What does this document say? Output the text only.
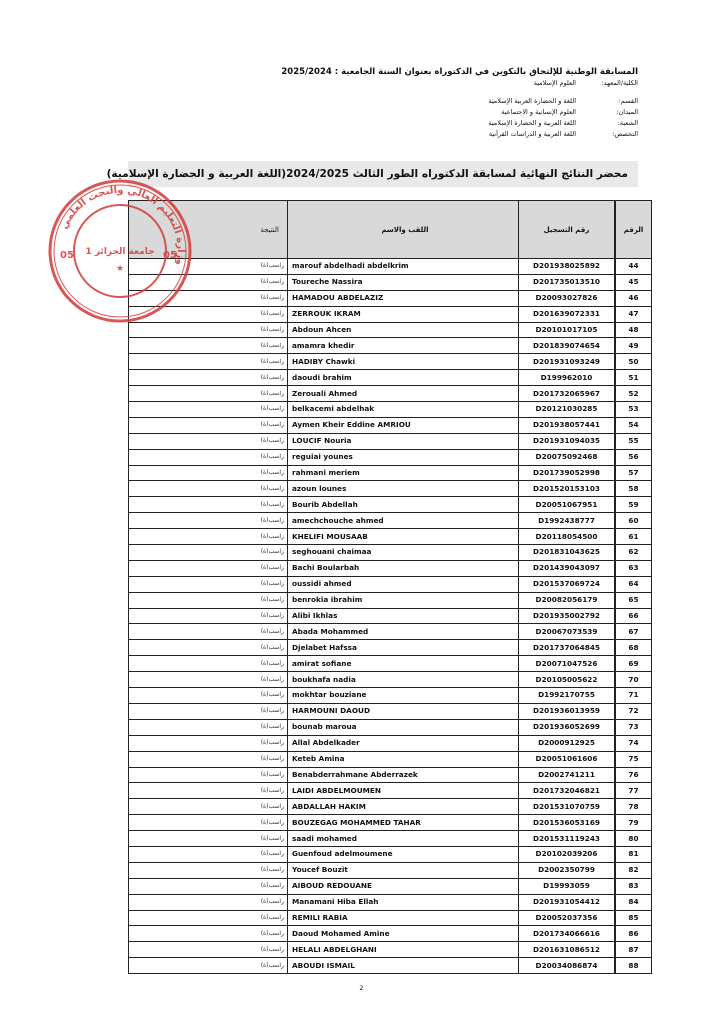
المسابقة الوطنية للإلتحاق بالتكوين في الدكتوراه بعنوان السنة الجامعية : 2025/2024
الكلية/المعهد:
العلوم الإسلامية
القسم:
اللغة و الحضارة العربية الإسلامية
الميدان:
العلوم الإنسانية و الاجتماعية
الشعبة:
اللغة العربية و الحضارة الإسلامية
التخصص:
اللغة العربية و الدراسات القرآنية
محضر النتائج النهائية لمسابقة الدكتوراه الطور الثالث 2024/2025(اللغة العربية و الحضارة الإسلامية)
الرقم	رقم التسجيل	اللقب والاسم	النتيجة
44	D201938025892	marouf abdelhadi abdelkrim	راسب(ة)
45	D201735013510	Toureche Nassira	راسب(ة)
46	D20093027826	HAMADOU ABDELAZIZ	راسب(ة)
47	D201639072331	ZERROUK IKRAM	راسب(ة)
48	D20101017105	Abdoun Ahcen	راسب(ة)
49	D201839074654	amamra khedir	راسب(ة)
50	D201931093249	HADIBY Chawki	راسب(ة)
51	D199962010	daoudi brahim	راسب(ة)
52	D201732065967	Zerouali Ahmed	راسب(ة)
53	D20121030285	belkacemi abdelhak	راسب(ة)
54	D201938057441	Aymen Kheir Eddine AMRIOU	راسب(ة)
55	D201931094035	LOUCIF Nouria	راسب(ة)
56	D20075092468	reguiai younes	راسب(ة)
57	D201739052998	rahmani meriem	راسب(ة)
58	D201520153103	azoun lounes	راسب(ة)
59	D20051067951	Bourib Abdellah	راسب(ة)
60	D1992438777	amechchouche ahmed	راسب(ة)
61	D20118054500	KHELIFI MOUSAAB	راسب(ة)
62	D201831043625	seghouani chaimaa	راسب(ة)
63	D201439043097	Bachi Boularbah	راسب(ة)
64	D201537069724	oussidi ahmed	راسب(ة)
65	D20082056179	benrokia ibrahim	راسب(ة)
66	D201935002792	Alibi Ikhlas	راسب(ة)
67	D20067073539	Abada Mohammed	راسب(ة)
68	D201737064845	Djelabet Hafssa	راسب(ة)
69	D20071047526	amirat sofiane	راسب(ة)
70	D20105005622	boukhafa nadia	راسب(ة)
71	D1992170755	mokhtar bouziane	راسب(ة)
72	D201936013959	HARMOUNI DAOUD	راسب(ة)
73	D201936052699	bounab maroua	راسب(ة)
74	D2000912925	Allal Abdelkader	راسب(ة)
75	D20051061606	Keteb Amina	راسب(ة)
76	D2002741211	Benabderrahmane Abderrazek	راسب(ة)
77	D201732046821	LAIDI ABDELMOUMEN	راسب(ة)
78	D201531070759	ABDALLAH HAKIM	راسب(ة)
79	D201536053169	BOUZEGAG MOHAMMED TAHAR	راسب(ة)
80	D201531119243	saadi mohamed	راسب(ة)
81	D20102039206	Guenfoud adelmoumene	راسب(ة)
82	D2002350799	Youcef Bouzit	راسب(ة)
83	D19993059	AIBOUD REDOUANE	راسب(ة)
84	D201931054412	Manamani Hiba Ellah	راسب(ة)
85	D20052037356	REMILI RABIA	راسب(ة)
86	D201734066616	Daoud Mohamed Amine	راسب(ة)
87	D201631086512	HELALI ABDELGHANI	راسب(ة)
88	D20034086874	ABOUDI ISMAIL	راسب(ة)
وزارة التعليم العالي والبحث العلمي
جامعة الجزائر 1
05	05
★
2
